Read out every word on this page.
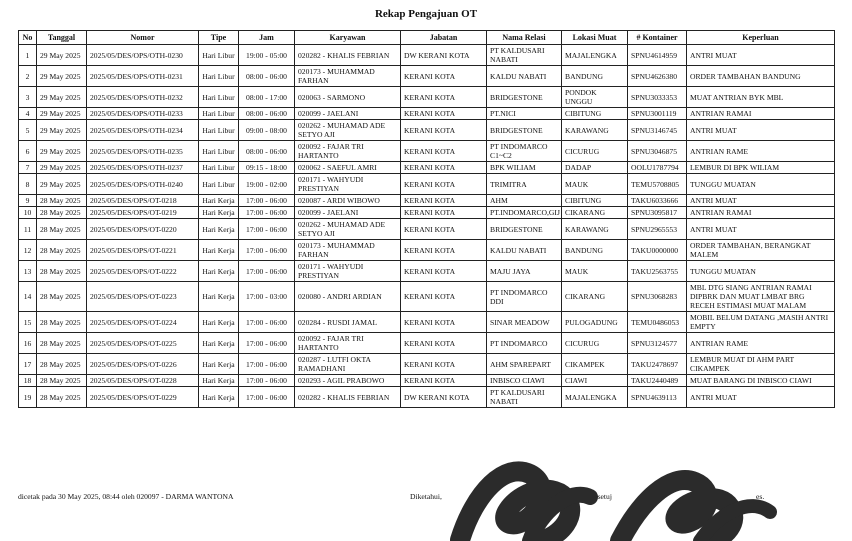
Rekap Pengajuan OT
No	Tanggal	Nomor	Tipe	Jam	Karyawan	Jabatan	Nama Relasi	Lokasi Muat	# Kontainer	Keperluan
1	29 May 2025	2025/05/DES/OPS/OTH-0230	Hari Libur	19:00 - 05:00	020282 - KHALIS FEBRIAN	DW KERANI KOTA	PT KALDUSARI NABATI	MAJALENGKA	SPNU4614959	ANTRI MUAT
2	29 May 2025	2025/05/DES/OPS/OTH-0231	Hari Libur	08:00 - 06:00	020173 - MUHAMMAD FARHAN	KERANI KOTA	KALDU NABATI	BANDUNG	SPNU4626380	ORDER TAMBAHAN BANDUNG
3	29 May 2025	2025/05/DES/OPS/OTH-0232	Hari Libur	08:00 - 17:00	020063 - SARMONO	KERANI KOTA	BRIDGESTONE	PONDOK UNGGU	SPNU3033353	MUAT ANTRIAN BYK MBL
4	29 May 2025	2025/05/DES/OPS/OTH-0233	Hari Libur	08:00 - 06:00	020099 - JAELANI	KERANI KOTA	PT.NICI	CIBITUNG	SPNU3001119	ANTRIAN RAMAI
5	29 May 2025	2025/05/DES/OPS/OTH-0234	Hari Libur	09:00 - 08:00	020262 - MUHAMAD ADE SETYO AJI	KERANI KOTA	BRIDGESTONE	KARAWANG	SPNU3146745	ANTRI MUAT
6	29 May 2025	2025/05/DES/OPS/OTH-0235	Hari Libur	08:00 - 06:00	020092 - FAJAR TRI HARTANTO	KERANI KOTA	PT INDOMARCO C1~C2	CICURUG	SPNU3046875	ANTRIAN RAME
7	29 May 2025	2025/05/DES/OPS/OTH-0237	Hari Libur	09:15 - 18:00	020062 - SAEFUL AMRI	KERANI KOTA	BPK WILIAM	DADAP	OOLU1787794	LEMBUR DI BPK WILIAM
8	29 May 2025	2025/05/DES/OPS/OTH-0240	Hari Libur	19:00 - 02:00	020171 - WAHYUDI PRESTIYAN	KERANI KOTA	TRIMITRA	MAUK	TEMU5708805	TUNGGU MUATAN
9	28 May 2025	2025/05/DES/OPS/OT-0218	Hari Kerja	17:00 - 06:00	020087 - ARDI WIBOWO	KERANI KOTA	AHM	CIBITUNG	TAKU6033666	ANTRI MUAT
10	28 May 2025	2025/05/DES/OPS/OT-0219	Hari Kerja	17:00 - 06:00	020099 - JAELANI	KERANI KOTA	PT.INDOMARCO,GIJ	CIKARANG	SPNU3095817	ANTRIAN RAMAI
11	28 May 2025	2025/05/DES/OPS/OT-0220	Hari Kerja	17:00 - 06:00	020262 - MUHAMAD ADE SETYO AJI	KERANI KOTA	BRIDGESTONE	KARAWANG	SPNU2965553	ANTRI MUAT
12	28 May 2025	2025/05/DES/OPS/OT-0221	Hari Kerja	17:00 - 06:00	020173 - MUHAMMAD FARHAN	KERANI KOTA	KALDU NABATI	BANDUNG	TAKU0000000	ORDER TAMBAHAN, BERANGKAT MALEM
13	28 May 2025	2025/05/DES/OPS/OT-0222	Hari Kerja	17:00 - 06:00	020171 - WAHYUDI PRESTIYAN	KERANI KOTA	MAJU JAYA	MAUK	TAKU2563755	TUNGGU MUATAN
14	28 May 2025	2025/05/DES/OPS/OT-0223	Hari Kerja	17:00 - 03:00	020080 - ANDRI ARDIAN	KERANI KOTA	PT INDOMARCO DDI	CIKARANG	SPNU3068283	MBL DTG SIANG ANTRIAN RAMAI DIPBRK DAN MUAT LMBAT BRG RECEH ESTIMASI MUAT MALAM
15	28 May 2025	2025/05/DES/OPS/OT-0224	Hari Kerja	17:00 - 06:00	020284 - RUSDI JAMAL	KERANI KOTA	SINAR MEADOW	PULOGADUNG	TEMU0486053	MOBIL BELUM DATANG ,MASIH ANTRI EMPTY
16	28 May 2025	2025/05/DES/OPS/OT-0225	Hari Kerja	17:00 - 06:00	020092 - FAJAR TRI HARTANTO	KERANI KOTA	PT INDOMARCO	CICURUG	SPNU3124577	ANTRIAN RAME
17	28 May 2025	2025/05/DES/OPS/OT-0226	Hari Kerja	17:00 - 06:00	020287 - LUTFI OKTA RAMADHANI	KERANI KOTA	AHM SPAREPART	CIKAMPEK	TAKU2478697	LEMBUR MUAT DI AHM PART CIKAMPEK
18	28 May 2025	2025/05/DES/OPS/OT-0228	Hari Kerja	17:00 - 06:00	020293 - AGIL PRABOWO	KERANI KOTA	INBISCO CIAWI	CIAWI	TAKU2440489	MUAT BARANG DI INBISCO CIAWI
19	28 May 2025	2025/05/DES/OPS/OT-0229	Hari Kerja	17:00 - 06:00	020282 - KHALIS FEBRIAN	DW KERANI KOTA	PT KALDUSARI NABATI	MAJALENGKA	SPNU4639113	ANTRI MUAT
dicetak pada 30 May 2025, 08:44 oleh 020097 - DARMA WANTONA	Diketahui,	Disetuj	es.
